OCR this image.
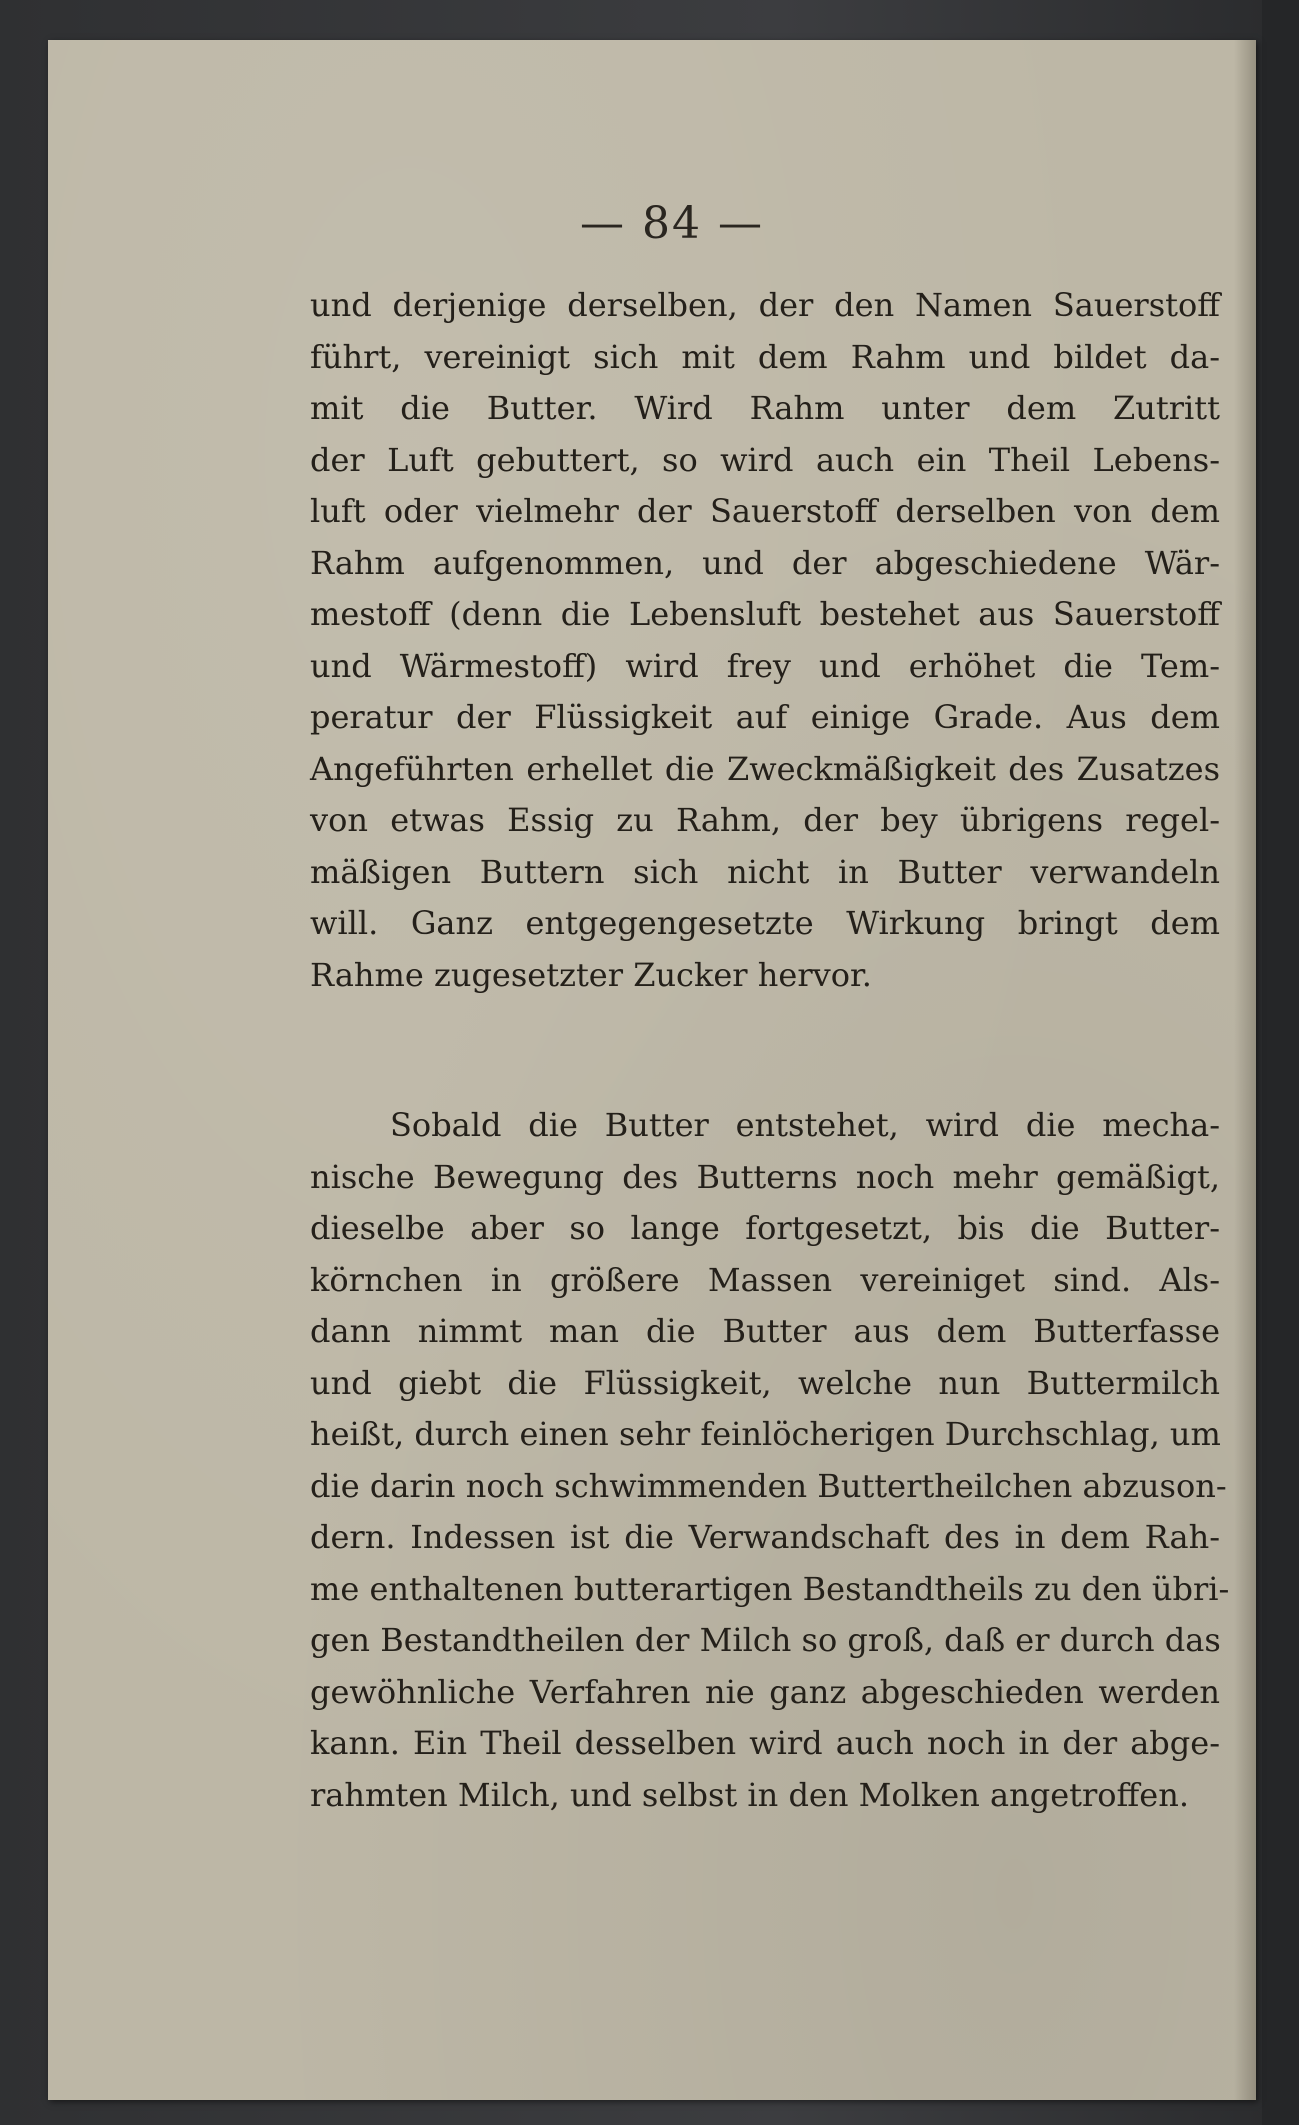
— 84 —
und derjenige derselben, der den Namen Sauerstoff
führt, vereinigt sich mit dem Rahm und bildet da-
mit die Butter. Wird Rahm unter dem Zutritt
der Luft gebuttert, so wird auch ein Theil Lebens-
luft oder vielmehr der Sauerstoff derselben von dem
Rahm aufgenommen, und der abgeschiedene Wär-
mestoff (denn die Lebensluft bestehet aus Sauerstoff
und Wärmestoff) wird frey und erhöhet die Tem-
peratur der Flüssigkeit auf einige Grade. Aus dem
Angeführten erhellet die Zweckmäßigkeit des Zusatzes
von etwas Essig zu Rahm, der bey übrigens regel-
mäßigen Buttern sich nicht in Butter verwandeln
will. Ganz entgegengesetzte Wirkung bringt dem
Rahme zugesetzter Zucker hervor.
Sobald die Butter entstehet, wird die mecha-
nische Bewegung des Butterns noch mehr gemäßigt,
dieselbe aber so lange fortgesetzt, bis die Butter-
körnchen in größere Massen vereiniget sind. Als-
dann nimmt man die Butter aus dem Butterfasse
und giebt die Flüssigkeit, welche nun Buttermilch
heißt, durch einen sehr feinlöcherigen Durchschlag, um
die darin noch schwimmenden Buttertheilchen abzuson-
dern. Indessen ist die Verwandschaft des in dem Rah-
me enthaltenen butterartigen Bestandtheils zu den übri-
gen Bestandtheilen der Milch so groß, daß er durch das
gewöhnliche Verfahren nie ganz abgeschieden werden
kann. Ein Theil desselben wird auch noch in der abge-
rahmten Milch, und selbst in den Molken angetroffen.
